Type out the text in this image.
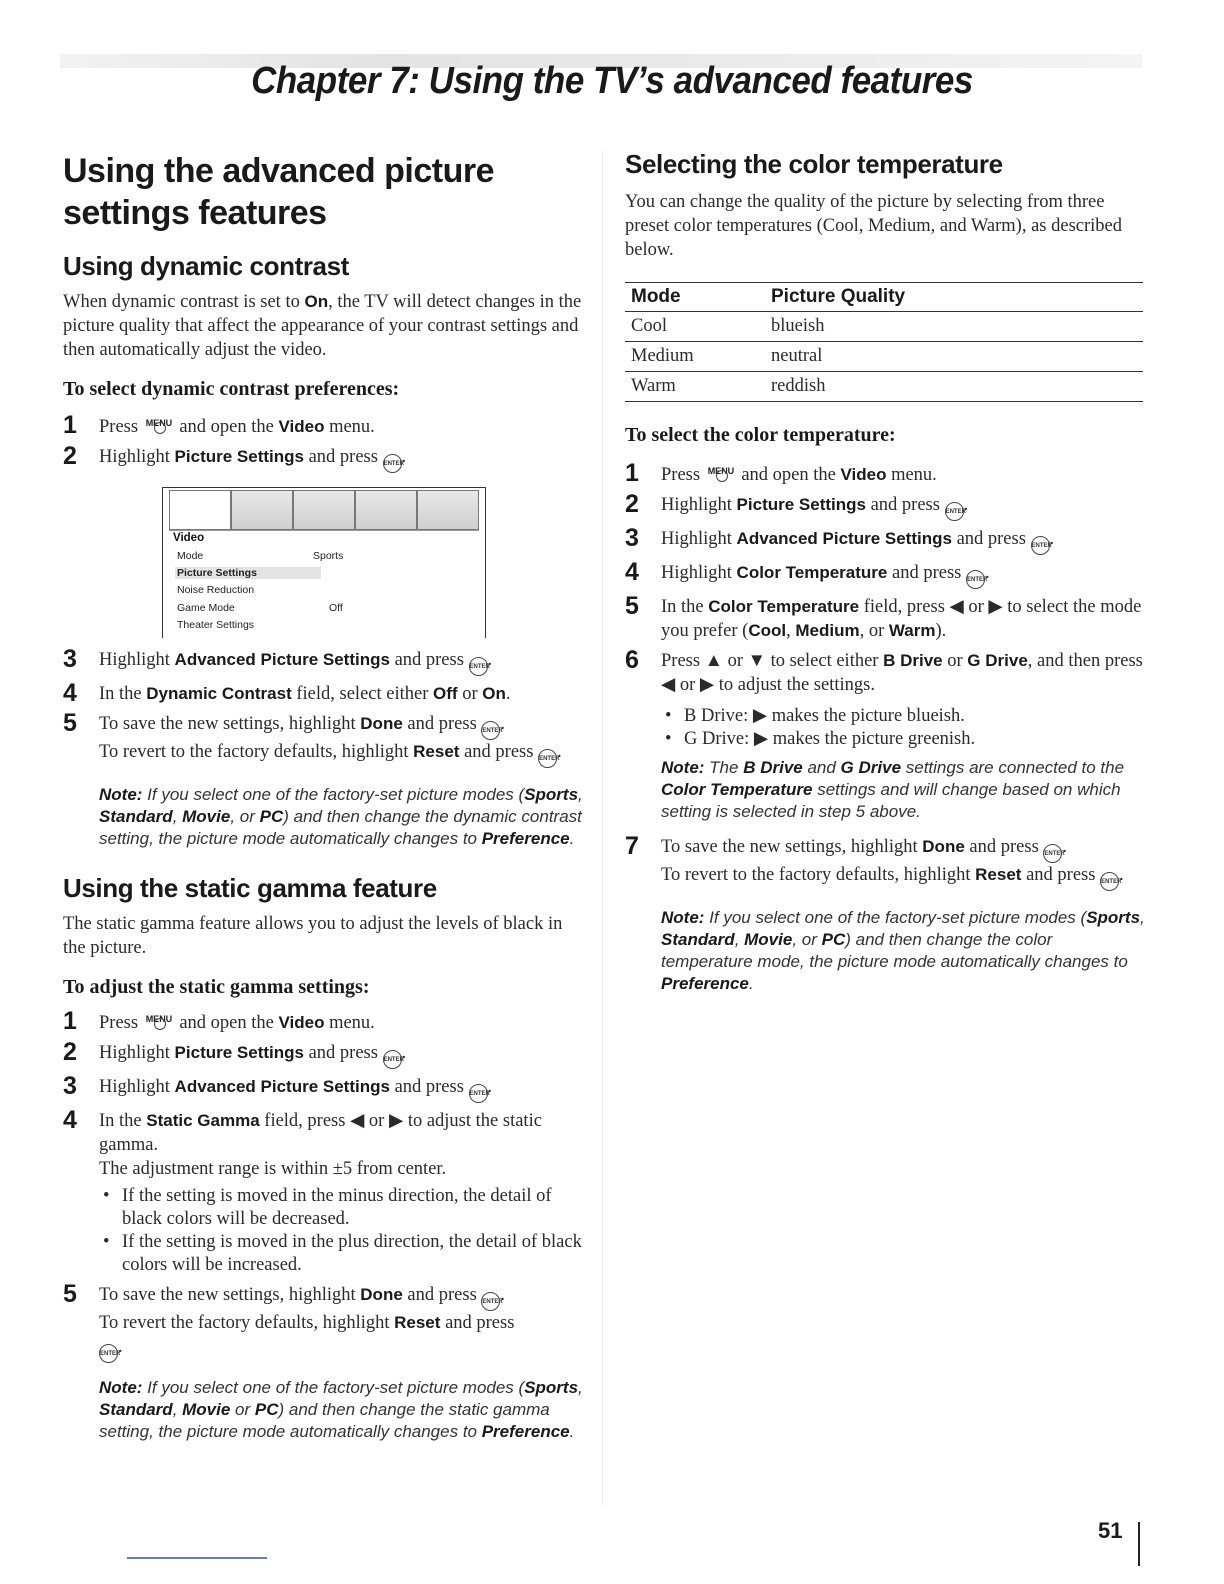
Chapter 7: Using the TV’s advanced features
Using the advanced picture settings features
Using dynamic contrast

When dynamic contrast is set to On, the TV will detect changes in the picture quality that affect the appearance of your contrast settings and then automatically adjust the video.

To select dynamic contrast preferences:
1 Press MENU and open the Video menu.
2 Highlight Picture Settings and press ENTER.
Video
Mode	Sports
Picture Settings
Noise Reduction
Game Mode	Off
Theater Settings
3 Highlight Advanced Picture Settings and press ENTER.
4 In the Dynamic Contrast field, select either Off or On.
5 To save the new settings, highlight Done and press ENTER.
To revert to the factory defaults, highlight Reset and press ENTER.
Note: If you select one of the factory-set picture modes (Sports, Standard, Movie, or PC) and then change the dynamic contrast setting, the picture mode automatically changes to Preference.
Using the static gamma feature

The static gamma feature allows you to adjust the levels of black in the picture.

To adjust the static gamma settings:
1 Press MENU and open the Video menu.
2 Highlight Picture Settings and press ENTER.
3 Highlight Advanced Picture Settings and press ENTER.
4 In the Static Gamma field, press ◀ or ▶ to adjust the static gamma.
The adjustment range is within ±5 from center.
• If the setting is moved in the minus direction, the detail of black colors will be decreased.
• If the setting is moved in the plus direction, the detail of black colors will be increased.
5 To save the new settings, highlight Done and press ENTER.
To revert the factory defaults, highlight Reset and press
ENTER.
Note: If you select one of the factory-set picture modes (Sports, Standard, Movie or PC) and then change the static gamma setting, the picture mode automatically changes to Preference.
Selecting the color temperature

You can change the quality of the picture by selecting from three preset color temperatures (Cool, Medium, and Warm), as described below.

Mode	Picture Quality
Cool	blueish
Medium	neutral
Warm	reddish
To select the color temperature:
1 Press MENU and open the Video menu.
2 Highlight Picture Settings and press ENTER.
3 Highlight Advanced Picture Settings and press ENTER.
4 Highlight Color Temperature and press ENTER.
5 In the Color Temperature field, press ◀ or ▶ to select the mode you prefer (Cool, Medium, or Warm).
6 Press ▲ or ▼ to select either B Drive or G Drive, and then press ◀ or ▶ to adjust the settings.
• B Drive: ▶ makes the picture blueish.
• G Drive: ▶ makes the picture greenish.
Note: The B Drive and G Drive settings are connected to the Color Temperature settings and will change based on which setting is selected in step 5 above.
7 To save the new settings, highlight Done and press ENTER.
To revert to the factory defaults, highlight Reset and press ENTER.
Note: If you select one of the factory-set picture modes (Sports, Standard, Movie, or PC) and then change the color temperature mode, the picture mode automatically changes to Preference.
51
